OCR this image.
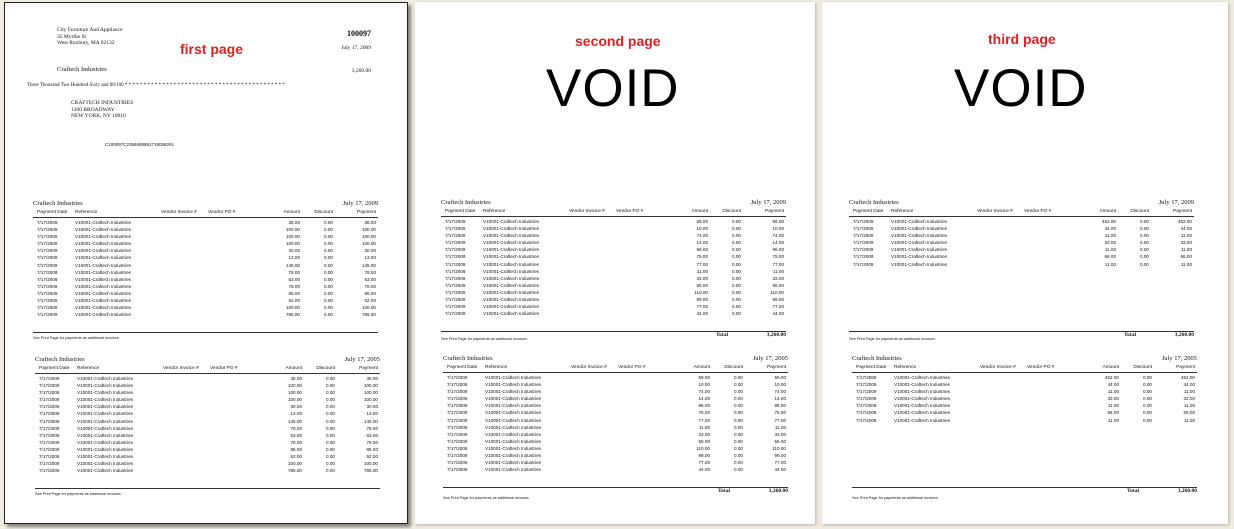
City Furniture And Appliance
35 Myrthe St
West Roxbury, MA 02132	first page
100097
July 17, 2009
Craftech Industries	3,260.00
Three Thousand Two Hundred Sixty and 00/100 * * * * * * * * * * * * * * * * * * * * * * * * * * * * * * * * * * * * * * * * * * *
CRAFTECH INDUSTRIES
1200 BROADWAY
NEW YORK, NY 10010
C100097C2384688891719058291
Craftech Industries	July 17, 2009
Payment Date Reference	Vendor Invoice # Vendor PO #	Amount	Discount	Payment
7/17/2009	V10001-Craftech Industries	36.00	0.00	36.00
7/17/2009	V10001-Craftech Industries	100.00	0.00	100.00
7/17/2009	V10001-Craftech Industries	100.00	0.00	100.00
7/17/2009	V10001-Craftech Industries	100.00	0.00	100.00
7/17/2009	V10001-Craftech Industries	30.00	0.00	30.00
7/17/2009	V10001-Craftech Industries	13.00	0.00	13.00
7/17/2009	V10001-Craftech Industries	145.00	0.00	145.00
7/17/2009	V10001-Craftech Industries	78.00	0.00	78.00
7/17/2009	V10001-Craftech Industries	63.00	0.00	63.00
7/17/2009	V10001-Craftech Industries	78.00	0.00	78.00
7/17/2009	V10001-Craftech Industries	85.00	0.00	85.00
7/17/2009	V10001-Craftech Industries	52.00	0.00	52.00
7/17/2009	V10001-Craftech Industries	100.00	0.00	100.00
7/17/2009	V10001-Craftech Industries	785.00	0.00	785.00
See Print Page for payments as additional invoices.
Craftech Industries	July 17, 2005
Payment Date Reference	Vendor Invoice # Vendor PO #	Amount	Discount	Payment
7/17/2009	V10001-Craftech Industries	36.00	0.00	36.00
7/17/2009	V10001-Craftech Industries	100.00	0.00	100.00
7/17/2009	V10001-Craftech Industries	100.00	0.00	100.00
7/17/2009	V10001-Craftech Industries	100.00	0.00	100.00
7/17/2009	V10001-Craftech Industries	30.00	0.00	30.00
7/17/2009	V10001-Craftech Industries	13.00	0.00	13.00
7/17/2009	V10001-Craftech Industries	145.00	0.00	145.00
7/17/2009	V10001-Craftech Industries	78.00	0.00	78.00
7/17/2009	V10001-Craftech Industries	63.00	0.00	63.00
7/17/2009	V10001-Craftech Industries	78.00	0.00	78.00
7/17/2009	V10001-Craftech Industries	85.00	0.00	85.00
7/17/2009	V10001-Craftech Industries	52.00	0.00	52.00
7/17/2009	V10001-Craftech Industries	100.00	0.00	100.00
7/17/2009	V10001-Craftech Industries	785.00	0.00	785.00
See Print Page for payments as additional invoices.
second page
VOID
Craftech Industries	July 17, 2009
Payment Date Reference	Vendor Invoice # Vendor PO #	Amount	Discount	Payment
7/17/2009	V10001-Craftech Industries	59.00	0.00	59.00
7/17/2009	V10001-Craftech Industries	10.00	0.00	10.00
7/17/2009	V10001-Craftech Industries	74.00	0.00	74.00
7/17/2009	V10001-Craftech Industries	14.00	0.00	14.00
7/17/2009	V10001-Craftech Industries	96.00	0.00	96.00
7/17/2009	V10001-Craftech Industries	75.00	0.00	75.00
7/17/2009	V10001-Craftech Industries	77.00	0.00	77.00
7/17/2009	V10001-Craftech Industries	11.00	0.00	11.00
7/17/2009	V10001-Craftech Industries	33.00	0.00	33.00
7/17/2009	V10001-Craftech Industries	55.00	0.00	55.00
7/17/2009	V10001-Craftech Industries	110.00	0.00	110.00
7/17/2009	V10001-Craftech Industries	99.00	0.00	99.00
7/17/2009	V10001-Craftech Industries	77.00	0.00	77.00
7/17/2009	V10001-Craftech Industries	44.00	0.00	44.00
Total	3,260.00
See Print Page for payments as additional invoices.
Craftech Industries	July 17, 2005
Payment Date Reference	Vendor Invoice # Vendor PO #	Amount	Discount	Payment
7/17/2009	V10001-Craftech Industries	59.00	0.00	59.00
7/17/2009	V10001-Craftech Industries	10.00	0.00	10.00
7/17/2009	V10001-Craftech Industries	74.00	0.00	74.00
7/17/2009	V10001-Craftech Industries	14.00	0.00	14.00
7/17/2009	V10001-Craftech Industries	96.00	0.00	96.00
7/17/2009	V10001-Craftech Industries	75.00	0.00	75.00
7/17/2009	V10001-Craftech Industries	77.00	0.00	77.00
7/17/2009	V10001-Craftech Industries	11.00	0.00	11.00
7/17/2009	V10001-Craftech Industries	33.00	0.00	33.00
7/17/2009	V10001-Craftech Industries	55.00	0.00	55.00
7/17/2009	V10001-Craftech Industries	110.00	0.00	110.00
7/17/2009	V10001-Craftech Industries	99.00	0.00	99.00
7/17/2009	V10001-Craftech Industries	77.00	0.00	77.00
7/17/2009	V10001-Craftech Industries	44.00	0.00	44.00
Total	3,260.00
See Print Page for payments as additional invoices.
third page
VOID
Craftech Industries	July 17, 2009
Payment Date Reference	Vendor Invoice # Vendor PO #	Amount	Discount	Payment
7/17/2009	V10001-Craftech Industries	452.00	0.00	452.00
7/17/2009	V10001-Craftech Industries	44.00	0.00	44.00
7/17/2009	V10001-Craftech Industries	11.00	0.00	11.00
7/17/2009	V10001-Craftech Industries	33.00	0.00	33.00
7/17/2009	V10001-Craftech Industries	11.00	0.00	11.00
7/17/2009	V10001-Craftech Industries	66.00	0.00	66.00
7/17/2009	V10001-Craftech Industries	11.00	0.00	11.00
Total	3,260.00
See Print Page for payments as additional invoices.
Craftech Industries	July 17, 2005
Payment Date Reference	Vendor Invoice # Vendor PO #	Amount	Discount	Payment
7/17/2009	V10001-Craftech Industries	452.00	0.00	452.00
7/17/2009	V10001-Craftech Industries	44.00	0.00	44.00
7/17/2009	V10001-Craftech Industries	11.00	0.00	11.00
7/17/2009	V10001-Craftech Industries	33.00	0.00	33.00
7/17/2009	V10001-Craftech Industries	11.00	0.00	11.00
7/17/2009	V10001-Craftech Industries	66.00	0.00	66.00
7/17/2009	V10001-Craftech Industries	11.00	0.00	11.00
Total	3,260.00
See Print Page for payments as additional invoices.
